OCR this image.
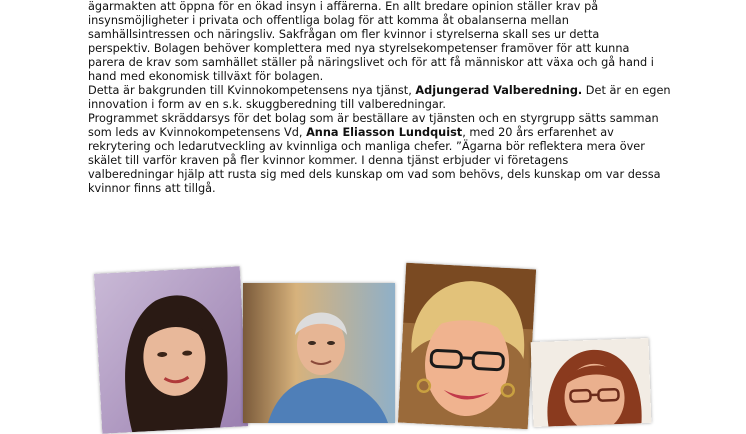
ägarmakten att öppna för en ökad insyn i affärerna. En allt bredare opinion ställer krav på
insynsmöjligheter i privata och offentliga bolag för att komma åt obalanserna mellan
samhällsintressen och näringsliv. Sakfrågan om fler kvinnor i styrelserna skall ses ur detta
perspektiv. Bolagen behöver komplettera med nya styrelsekompetenser framöver för att kunna
parera de krav som samhället ställer på näringslivet och för att få människor att växa och gå hand i
hand med ekonomisk tillväxt för bolagen.

Detta är bakgrunden till Kvinnokompetensens nya tjänst, Adjungerad Valberedning. Det är en egen
innovation i form av en s.k. skuggberedning till valberedningar.

Programmet skräddarsys för det bolag som är beställare av tjänsten och en styrgrupp sätts samman
som leds av Kvinnokompetensens Vd, Anna Eliasson Lundquist, med 20 års erfarenhet av
rekrytering och ledarutveckling av kvinnliga och manliga chefer. ”Ägarna bör reflektera mera över
skälet till varför kraven på fler kvinnor kommer. I denna tjänst erbjuder vi företagens
valberedningar hjälp att rusta sig med dels kunskap om vad som behövs, dels kunskap om var dessa
kvinnor finns att tillgå.
